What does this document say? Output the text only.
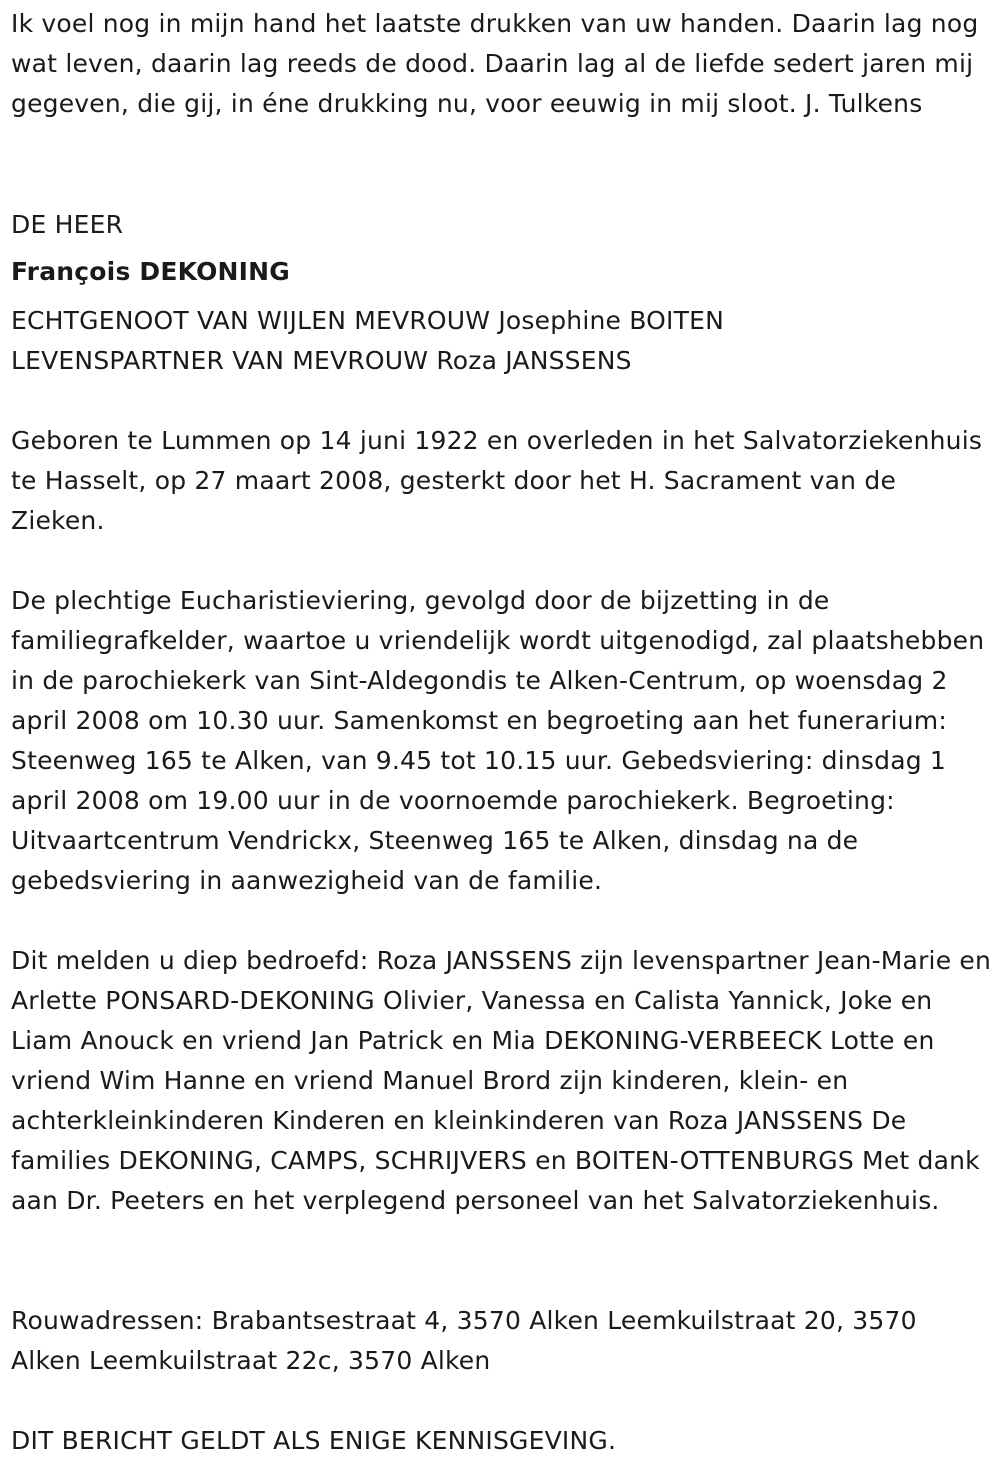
Ik voel nog in mijn hand het laatste drukken van uw handen. Daarin lag nog wat leven, daarin lag reeds de dood. Daarin lag al de liefde sedert jaren mij gegeven, die gij, in éne drukking nu, voor eeuwig in mij sloot. J. Tulkens

DE HEER
François DEKONING
ECHTGENOOT VAN WIJLEN MEVROUW Josephine BOITEN
LEVENSPARTNER VAN MEVROUW Roza JANSSENS

Geboren te Lummen op 14 juni 1922 en overleden in het Salvatorziekenhuis te Hasselt, op 27 maart 2008, gesterkt door het H. Sacrament van de Zieken.

De plechtige Eucharistieviering, gevolgd door de bijzetting in de familiegrafkelder, waartoe u vriendelijk wordt uitgenodigd, zal plaatshebben in de parochiekerk van Sint-Aldegondis te Alken-Centrum, op woensdag 2 april 2008 om 10.30 uur. Samenkomst en begroeting aan het funerarium: Steenweg 165 te Alken, van 9.45 tot 10.15 uur. Gebedsviering: dinsdag 1 april 2008 om 19.00 uur in de voornoemde parochiekerk. Begroeting: Uitvaartcentrum Vendrickx, Steenweg 165 te Alken, dinsdag na de gebedsviering in aanwezigheid van de familie.

Dit melden u diep bedroefd: Roza JANSSENS zijn levenspartner Jean-Marie en Arlette PONSARD-DEKONING Olivier, Vanessa en Calista Yannick, Joke en Liam Anouck en vriend Jan Patrick en Mia DEKONING-VERBEECK Lotte en vriend Wim Hanne en vriend Manuel Brord zijn kinderen, klein- en achterkleinkinderen Kinderen en kleinkinderen van Roza JANSSENS De families DEKONING, CAMPS, SCHRIJVERS en BOITEN-OTTENBURGS Met dank aan Dr. Peeters en het verplegend personeel van het Salvatorziekenhuis.

Rouwadressen: Brabantsestraat 4, 3570 Alken Leemkuilstraat 20, 3570 Alken Leemkuilstraat 22c, 3570 Alken

DIT BERICHT GELDT ALS ENIGE KENNISGEVING.
